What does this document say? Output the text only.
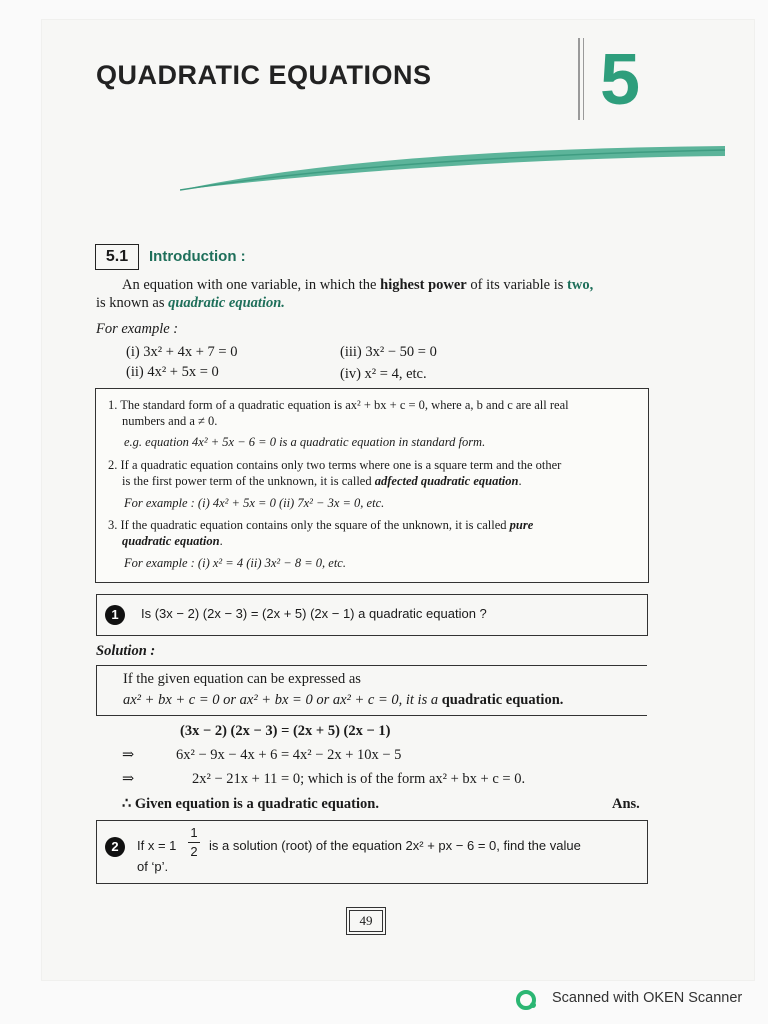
QUADRATIC EQUATIONS 5
5.1	Introduction :
An equation with one variable, in which the highest power of its variable is two,
is known as quadratic equation.
For example :
(i) 3x² + 4x + 7 = 0	(iii) 3x² − 50 = 0
(ii) 4x² + 5x = 0	(iv) x² = 4, etc.
1. The standard form of a quadratic equation is ax² + bx + c = 0, where a, b and c are all real
numbers and a ≠ 0.
e.g. equation 4x² + 5x − 6 = 0 is a quadratic equation in standard form.
2. If a quadratic equation contains only two terms where one is a square term and the other
is the first power term of the unknown, it is called adfected quadratic equation.
For example : (i) 4x² + 5x = 0 (ii) 7x² − 3x = 0, etc.
3. If the quadratic equation contains only the square of the unknown, it is called pure
quadratic equation.
For example : (i) x² = 4 (ii) 3x² − 8 = 0, etc.
1	Is (3x − 2) (2x − 3) = (2x + 5) (2x − 1) a quadratic equation ?
Solution :
If the given equation can be expressed as
ax² + bx + c = 0 or ax² + bx = 0 or ax² + c = 0, it is a quadratic equation.
(3x − 2) (2x − 3) = (2x + 5) (2x − 1)
⇒	6x² − 9x − 4x + 6 = 4x² − 2x + 10x − 5
⇒	2x² − 21x + 11 = 0; which is of the form ax² + bx + c = 0.
∴ Given equation is a quadratic equation.	Ans.
2	If x = 1
1
2 is a solution (root) of the equation 2x² + px − 6 = 0, find the value
of ‘p’.
49
Scanned with OKEN Scanner
